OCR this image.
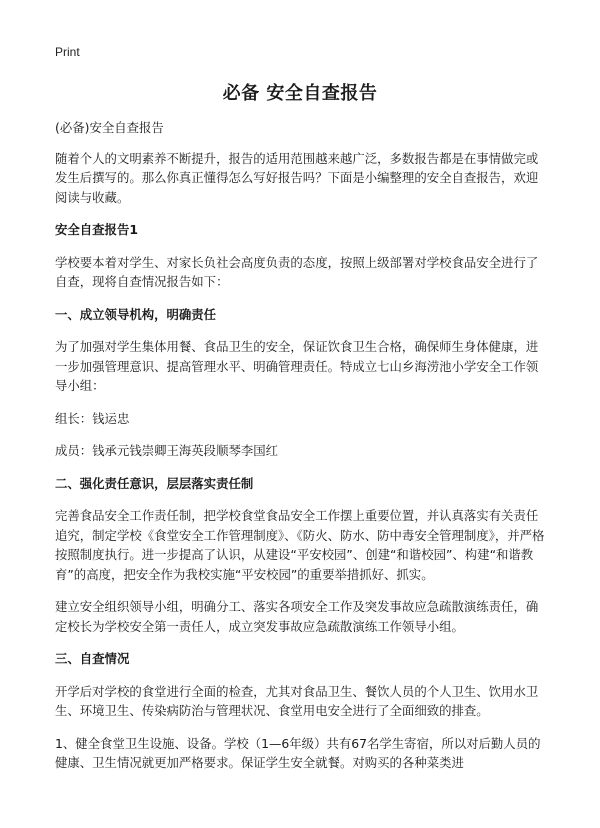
Print
必备 安全自查报告

(必备)安全自查报告

随着个人的文明素养不断提升，报告的适用范围越来越广泛，多数报告都是在事情做完或发生后撰写的。那么你真正懂得怎么写好报告吗？下面是小编整理的安全自查报告，欢迎阅读与收藏。

安全自查报告1

学校要本着对学生、对家长负社会高度负责的态度，按照上级部署对学校食品安全进行了自查，现将自查情况报告如下：

一、成立领导机构，明确责任

为了加强对学生集体用餐、食品卫生的安全，保证饮食卫生合格，确保师生身体健康，进一步加强管理意识、提高管理水平、明确管理责任。特成立七山乡海涝池小学安全工作领导小组：

组长：钱运忠

成员：钱承元钱崇卿王海英段顺琴李国红

二、强化责任意识，层层落实责任制

完善食品安全工作责任制，把学校食堂食品安全工作摆上重要位置，并认真落实有关责任追究，制定学校《食堂安全工作管理制度》、《防火、防水、防中毒安全管理制度》，并严格按照制度执行。进一步提高了认识，从建设“平安校园”、创建“和谐校园”、构建“和谐教育”的高度，把安全作为我校实施“平安校园”的重要举措抓好、抓实。

建立安全组织领导小组，明确分工、落实各项安全工作及突发事故应急疏散演练责任，确定校长为学校安全第一责任人，成立突发事故应急疏散演练工作领导小组。

三、自查情况

开学后对学校的食堂进行全面的检查，尤其对食品卫生、餐饮人员的个人卫生、饮用水卫生、环境卫生、传染病防治与管理状况、食堂用电安全进行了全面细致的排查。

1、健全食堂卫生设施、设备。学校（1—6年级）共有67名学生寄宿，所以对后勤人员的健康、卫生情况就更加严格要求。保证学生安全就餐。对购买的各种菜类进
